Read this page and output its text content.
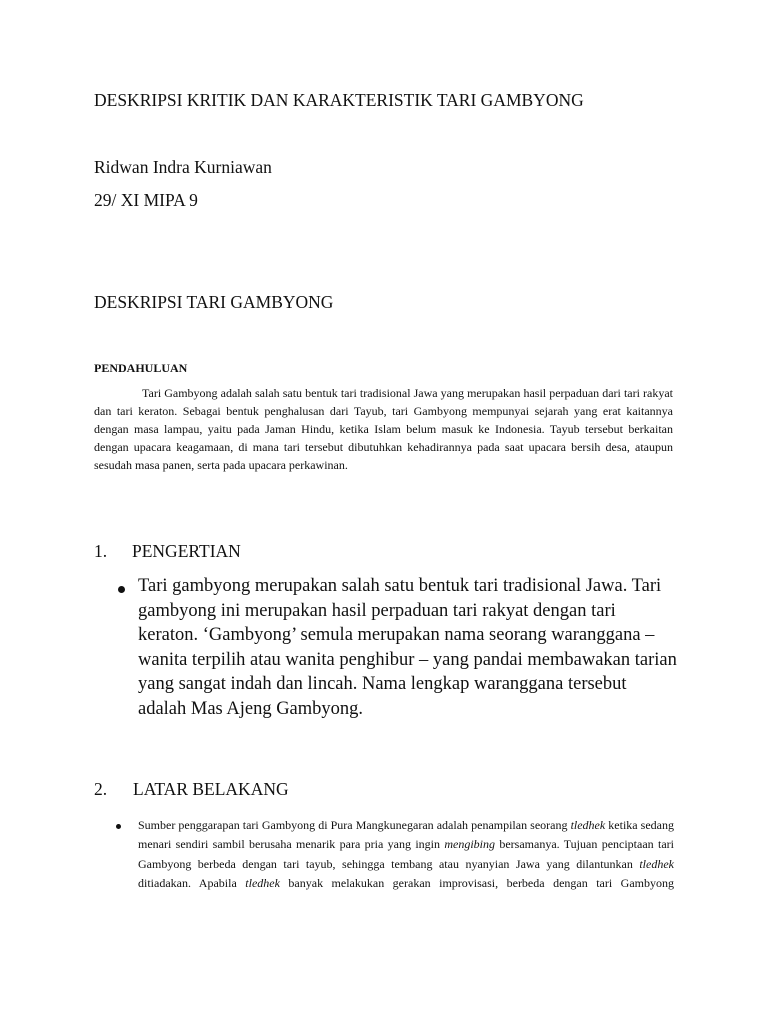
DESKRIPSI KRITIK DAN KARAKTERISTIK TARI GAMBYONG
Ridwan Indra Kurniawan
29/ XI MIPA 9
DESKRIPSI TARI GAMBYONG
PENDAHULUAN

Tari Gambyong adalah salah satu bentuk tari tradisional Jawa yang merupakan hasil perpaduan dari tari rakyat dan tari keraton. Sebagai bentuk penghalusan dari Tayub, tari Gambyong mempunyai sejarah yang erat kaitannya dengan masa lampau, yaitu pada Jaman Hindu, ketika Islam belum masuk ke Indonesia. Tayub tersebut berkaitan dengan upacara keagamaan, di mana tari tersebut dibutuhkan kehadirannya pada saat upacara bersih desa, ataupun sesudah masa panen, serta pada upacara perkawinan.

1. PENGERTIAN

Tari gambyong merupakan salah satu bentuk tari tradisional Jawa. Tari gambyong ini merupakan hasil perpaduan tari rakyat dengan tari keraton. ‘Gambyong’ semula merupakan nama seorang waranggana – wanita terpilih atau wanita penghibur – yang pandai membawakan tarian yang sangat indah dan lincah. Nama lengkap waranggana tersebut adalah Mas Ajeng Gambyong.

2. LATAR BELAKANG

Sumber penggarapan tari Gambyong di Pura Mangkunegaran adalah penampilan seorang tledhek ketika sedang menari sendiri sambil berusaha menarik para pria yang ingin mengibing bersamanya. Tujuan penciptaan tari Gambyong berbeda dengan tari tayub, sehingga tembang atau nyanyian Jawa yang dilantunkan tledhek ditiadakan. Apabila tledhek banyak melakukan gerakan improvisasi, berbeda dengan tari Gambyong
